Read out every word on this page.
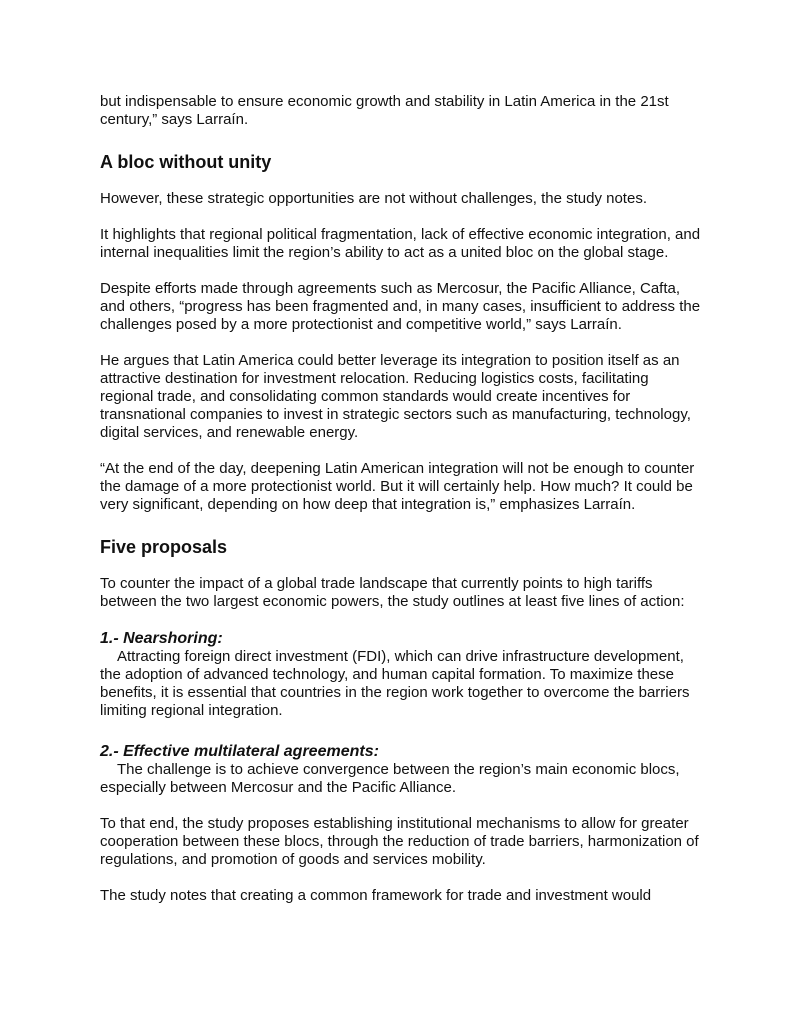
but indispensable to ensure economic growth and stability in Latin America in the 21st century,” says Larraín.

A bloc without unity

However, these strategic opportunities are not without challenges, the study notes.

It highlights that regional political fragmentation, lack of effective economic integration, and internal inequalities limit the region’s ability to act as a united bloc on the global stage.

Despite efforts made through agreements such as Mercosur, the Pacific Alliance, Cafta, and others, “progress has been fragmented and, in many cases, insufficient to address the challenges posed by a more protectionist and competitive world,” says Larraín.

He argues that Latin America could better leverage its integration to position itself as an attractive destination for investment relocation. Reducing logistics costs, facilitating regional trade, and consolidating common standards would create incentives for transnational companies to invest in strategic sectors such as manufacturing, technology, digital services, and renewable energy.

“At the end of the day, deepening Latin American integration will not be enough to counter the damage of a more protectionist world. But it will certainly help. How much? It could be very significant, depending on how deep that integration is,” emphasizes Larraín.

Five proposals

To counter the impact of a global trade landscape that currently points to high tariffs between the two largest economic powers, the study outlines at least five lines of action:

1.- Nearshoring:

Attracting foreign direct investment (FDI), which can drive infrastructure development, the adoption of advanced technology, and human capital formation. To maximize these benefits, it is essential that countries in the region work together to overcome the barriers limiting regional integration.

2.- Effective multilateral agreements:

The challenge is to achieve convergence between the region’s main economic blocs, especially between Mercosur and the Pacific Alliance.

To that end, the study proposes establishing institutional mechanisms to allow for greater cooperation between these blocs, through the reduction of trade barriers, harmonization of regulations, and promotion of goods and services mobility.

The study notes that creating a common framework for trade and investment would
